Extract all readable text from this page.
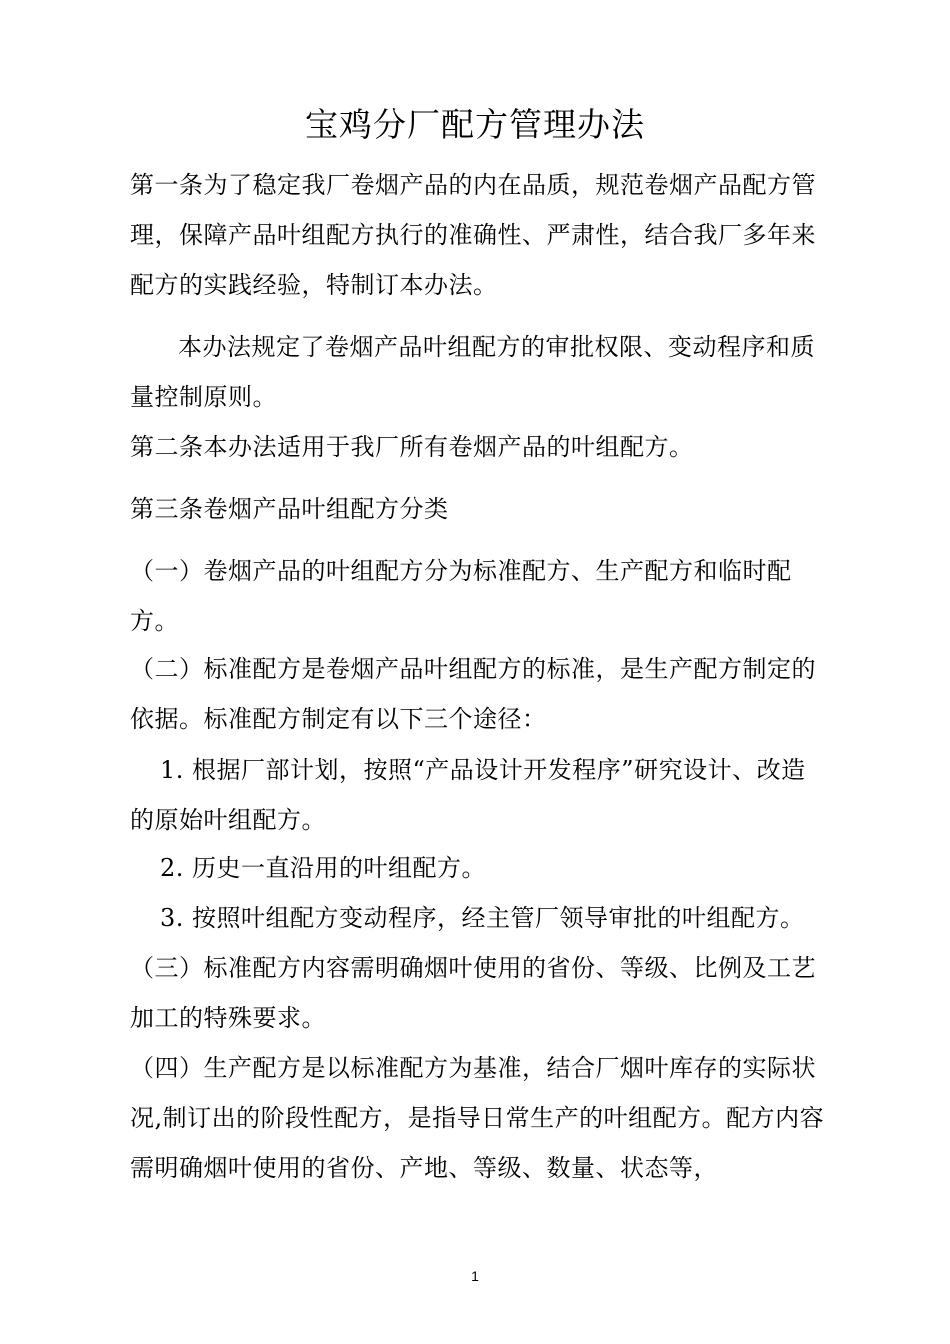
宝鸡分厂配方管理办法

第一条为了稳定我厂卷烟产品的内在品质，规范卷烟产品配方管理，保障产品叶组配方执行的准确性、严肃性，结合我厂多年来配方的实践经验，特制订本办法。

本办法规定了卷烟产品叶组配方的审批权限、变动程序和质量控制原则。

第二条本办法适用于我厂所有卷烟产品的叶组配方。

第三条卷烟产品叶组配方分类

（一）卷烟产品的叶组配方分为标准配方、生产配方和临时配方。

（二）标准配方是卷烟产品叶组配方的标准，是生产配方制定的依据。标准配方制定有以下三个途径：

1. 根据厂部计划，按照“产品设计开发程序”研究设计、改造的原始叶组配方。

2. 历史一直沿用的叶组配方。

3. 按照叶组配方变动程序，经主管厂领导审批的叶组配方。

（三）标准配方内容需明确烟叶使用的省份、等级、比例及工艺加工的特殊要求。

（四）生产配方是以标准配方为基准，结合厂烟叶库存的实际状况,制订出的阶段性配方，是指导日常生产的叶组配方。配方内容需明确烟叶使用的省份、产地、等级、数量、状态等，

1
